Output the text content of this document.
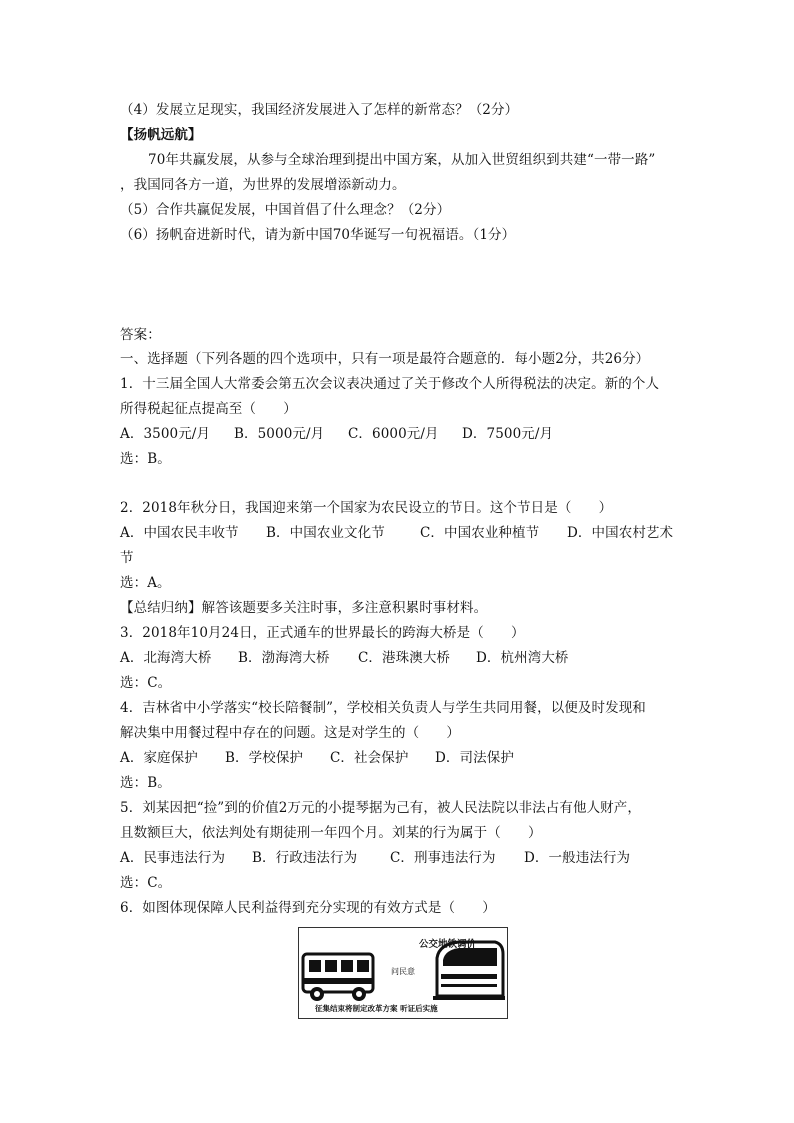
（4）发展立足现实，我国经济发展进入了怎样的新常态？（2分）
【扬帆远航】
70年共赢发展，从参与全球治理到提出中国方案，从加入世贸组织到共建“一带一路”
，我国同各方一道，为世界的发展增添新动力。
（5）合作共赢促发展，中国首倡了什么理念？（2分）
（6）扬帆奋进新时代，请为新中国70华诞写一句祝福语。（1分）
答案：
一、选择题（下列各题的四个选项中，只有一项是最符合题意的．每小题2分，共26分）
1．十三届全国人大常委会第五次会议表决通过了关于修改个人所得税法的决定。新的个人
所得税起征点提高至（　　）
A．3500元/月	B．5000元/月	C．6000元/月	D．7500元/月
选：B。
2．2018年秋分日，我国迎来第一个国家为农民设立的节日。这个节日是（　　）
A．中国农民丰收节	B．中国农业文化节	C．中国农业种植节	D．中国农村艺术
节
选：A。
【总结归纳】解答该题要多关注时事，多注意积累时事材料。
3．2018年10月24日，正式通车的世界最长的跨海大桥是（　　）
A．北海湾大桥	B．渤海湾大桥	C．港珠澳大桥	D．杭州湾大桥
选：C。
4．吉林省中小学落实“校长陪餐制”，学校相关负责人与学生共同用餐，以便及时发现和
解决集中用餐过程中存在的问题。这是对学生的（　　）
A．家庭保护	B．学校保护	C．社会保护	D．司法保护
选：B。
5．刘某因把“捡”到的价值2万元的小提琴据为己有，被人民法院以非法占有他人财产，
且数额巨大，依法判处有期徒刑一年四个月。刘某的行为属于（　　）
A．民事违法行为	B．行政违法行为	C．刑事违法行为	D．一般违法行为
选：C。
6．如图体现保障人民利益得到充分实现的有效方式是（　　）
公交地铁调价
问民意
征集结束将制定改革方案 听证后实施
